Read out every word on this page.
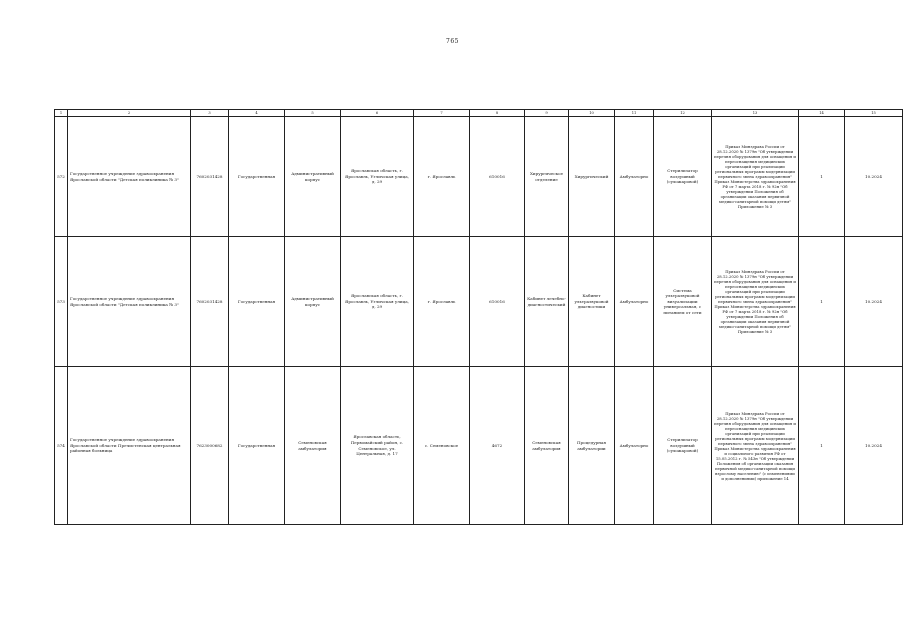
765
1	2	3	4	5	6	7	8	9	10	11	12	13	14	15
572	Государственное учреждение здравоохранения Ярославской области "Детская поликлиника № 3"	7602031428	Государственная	Административный корпус	Ярославская область, г. Ярославль, Угличская улица, д. 29	г. Ярославль	610016	Хирургическое отделение	Хирургический	Амбулаторно	Стерилизатор воздушный (сухожаровой)	Приказ Минздрава России от 28.12.2020 № 1379н "Об утверждении перечня оборудования для оснащения и переоснащения медицинских организаций при реализации региональных программ модернизации первичного звена здравоохранения" Приказ Министерства здравоохранения РФ от 7 марта 2018 г. № 92н "Об утверждении Положения об организации оказания первичной медико-санитарной помощи детям" Приложение № 3	1	10.2024
573	Государственное учреждение здравоохранения Ярославской области "Детская поликлиника № 3"	7602031428	Государственная	Административный корпус	Ярославская область, г. Ярославль, Угличская улица, д. 29	г. Ярославль	610016	Кабинет лечебно-диагностический	Кабинет ультразвуковой диагностики	Амбулаторно	Система ультразвуковой визуализации универсальная, с питанием от сети	Приказ Минздрава России от 28.12.2020 № 1379н "Об утверждении перечня оборудования для оснащения и переоснащения медицинских организаций при реализации региональных программ модернизации первичного звена здравоохранения" Приказ Министерства здравоохранения РФ от 7 марта 2018 г. № 92н "Об утверждении Положения об организации оказания первичной медико-санитарной помощи детям" Приложение № 3	1	10.2024
574	Государственное учреждение здравоохранения Ярославской области Пречистенская центральная районная больница	7623000682	Государственная	Семеновская амбулатория	Ярославская область, Первомайский район, с. Семеновское, ул. Центральная, д. 17	с. Семеновское	4672	Семеновская амбулатория	Процедурная амбулатории	Амбулаторно	Стерилизатор воздушный (сухожаровой)	Приказ Минздрава России от 28.12.2020 № 1379н "Об утверждении перечня оборудования для оснащения и переоснащения медицинских организаций при реализации региональных программ модернизации первичного звена здравоохранения" Приказ Министерства здравоохранения и социального развития РФ от 15.05.2012 г. № 543н "Об утверждении Положения об организации оказания первичной медико-санитарной помощи взрослому населению" (с изменениями и дополнениями) приложение 14	1	10.2024
